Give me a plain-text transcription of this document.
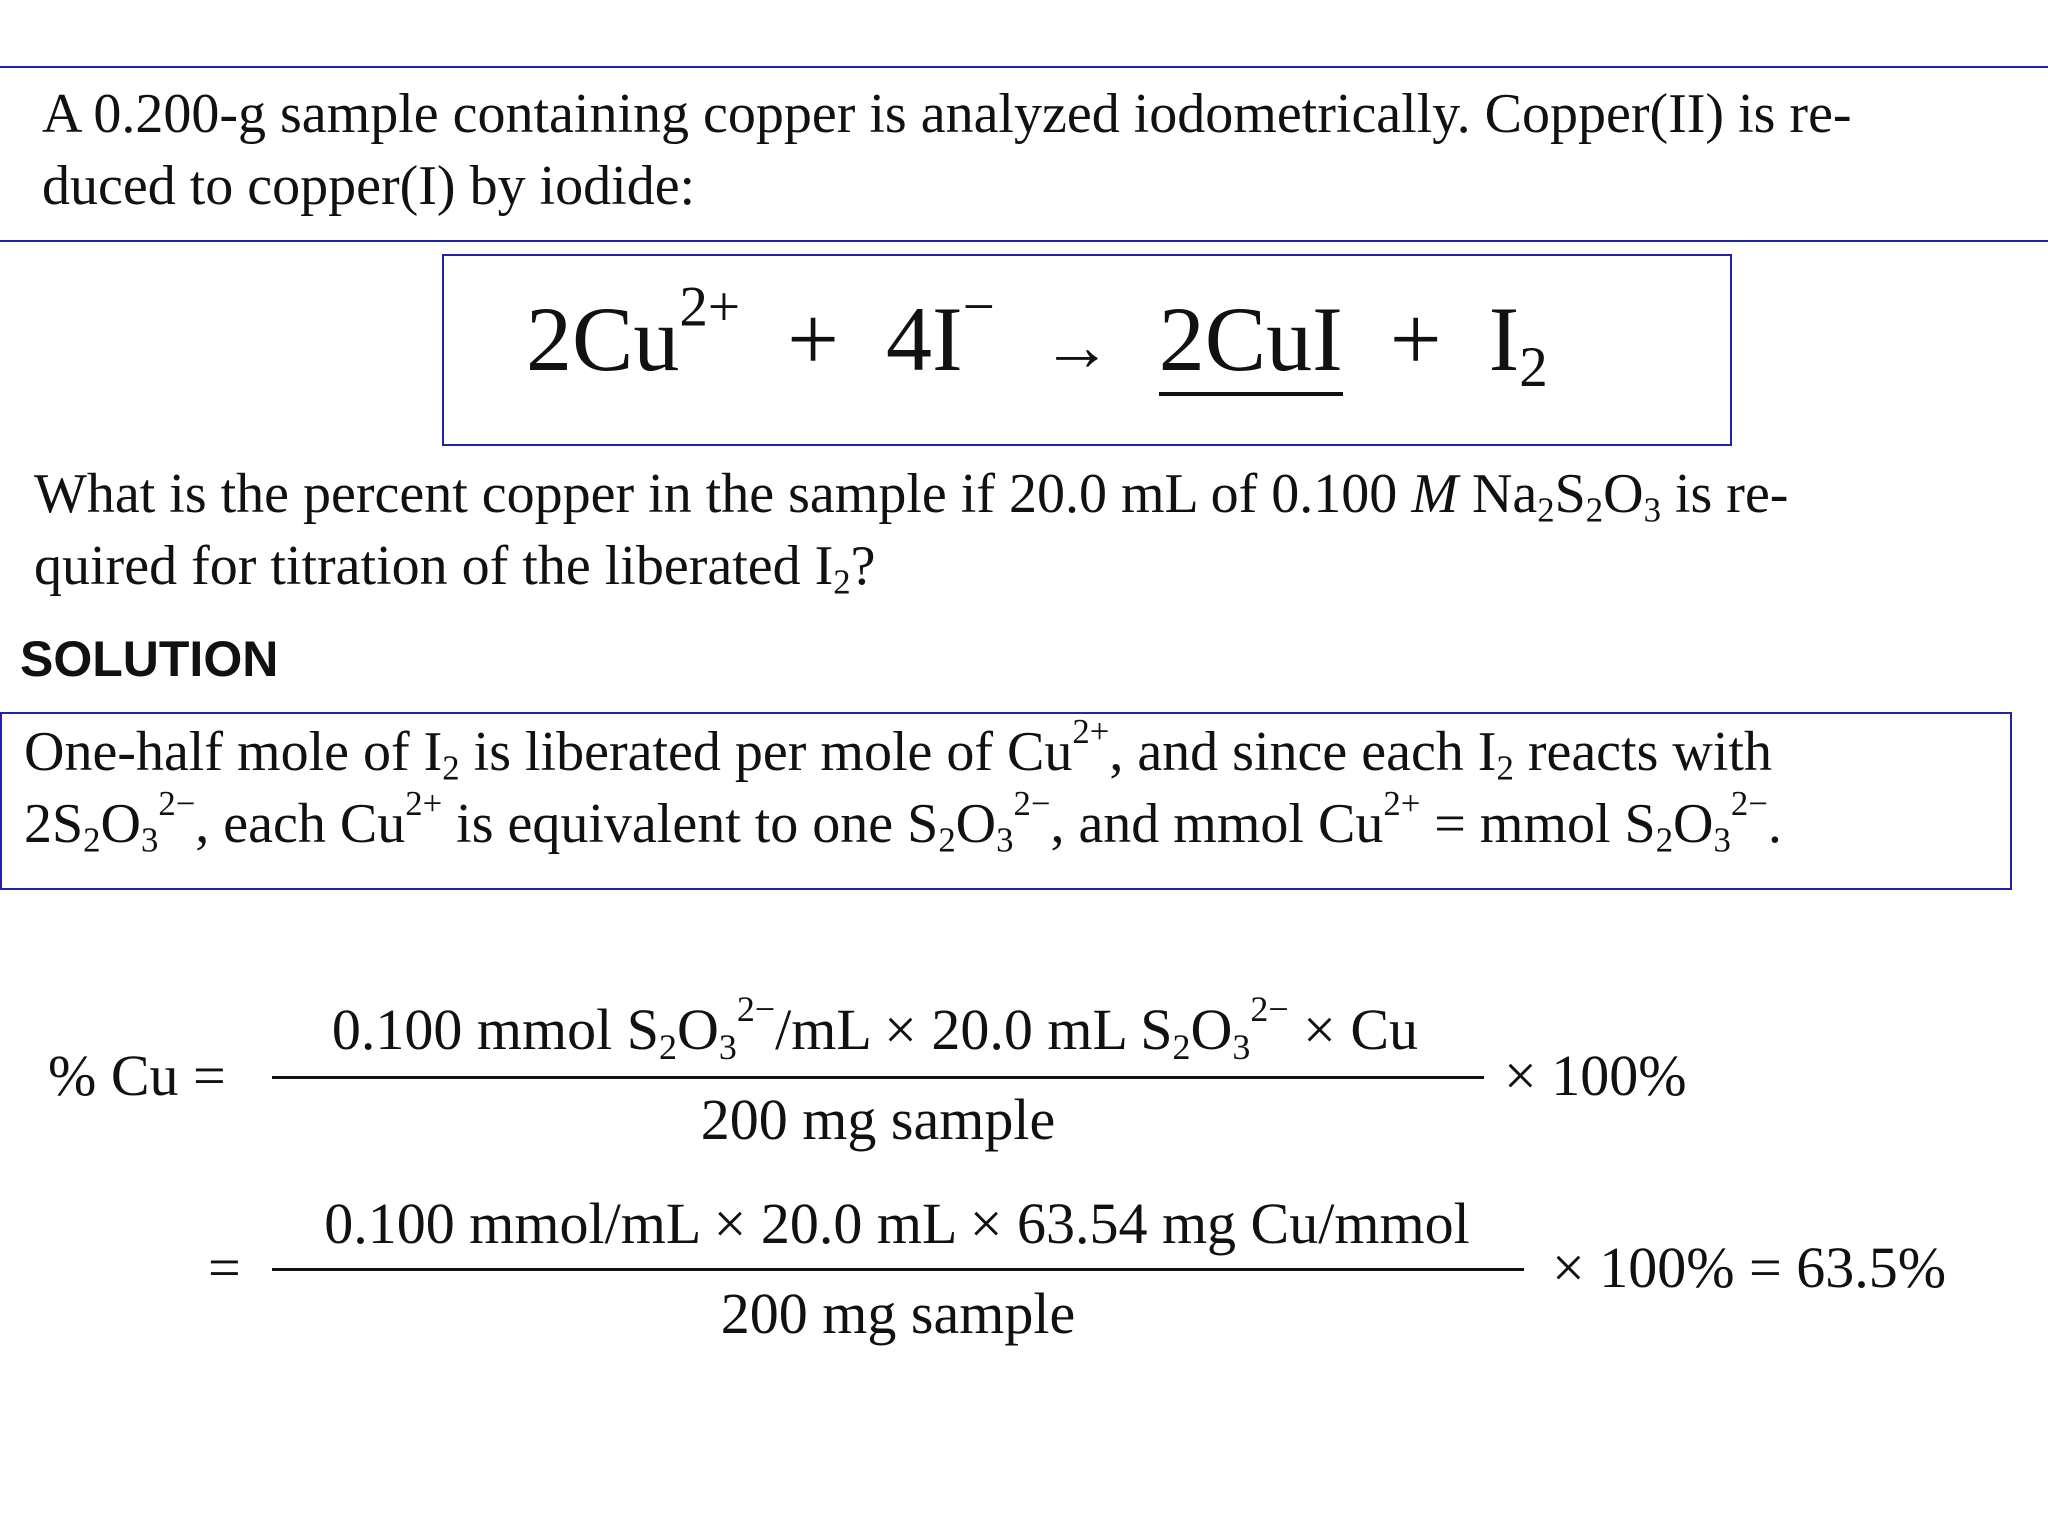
A 0.200-g sample containing copper is analyzed iodometrically. Copper(II) is re-
duced to copper(I) by iodide:
$2Cu^{2+} + 4I^- \to 2CuI + I_2$
What is the percent copper in the sample if 20.0 mL of 0.100 M $Na_2S_2O_3$ is re-
quired for titration of the liberated $I_2$?
SOLUTION
One-half mole of $I_2$ is liberated per mole of $Cu^{2+}$, and since each $I_2$ reacts with
$2S_2O_3^{2-}$, each $Cu^{2+}$ is equivalent to one $S_2O_3^{2-}$, and mmol $Cu^{2+}$ = mmol $S_2O_3^{2-}$.
% Cu =
0.100 mmol $S_2O_3^{2-}/mL \times 20.0$ mL $S_2O_3^{2-} \times Cu$
200 mg sample
× 100%
=
0.100 mmol/mL × 20.0 mL × 63.54 mg Cu/mmol
200 mg sample
× 100% = 63.5%
